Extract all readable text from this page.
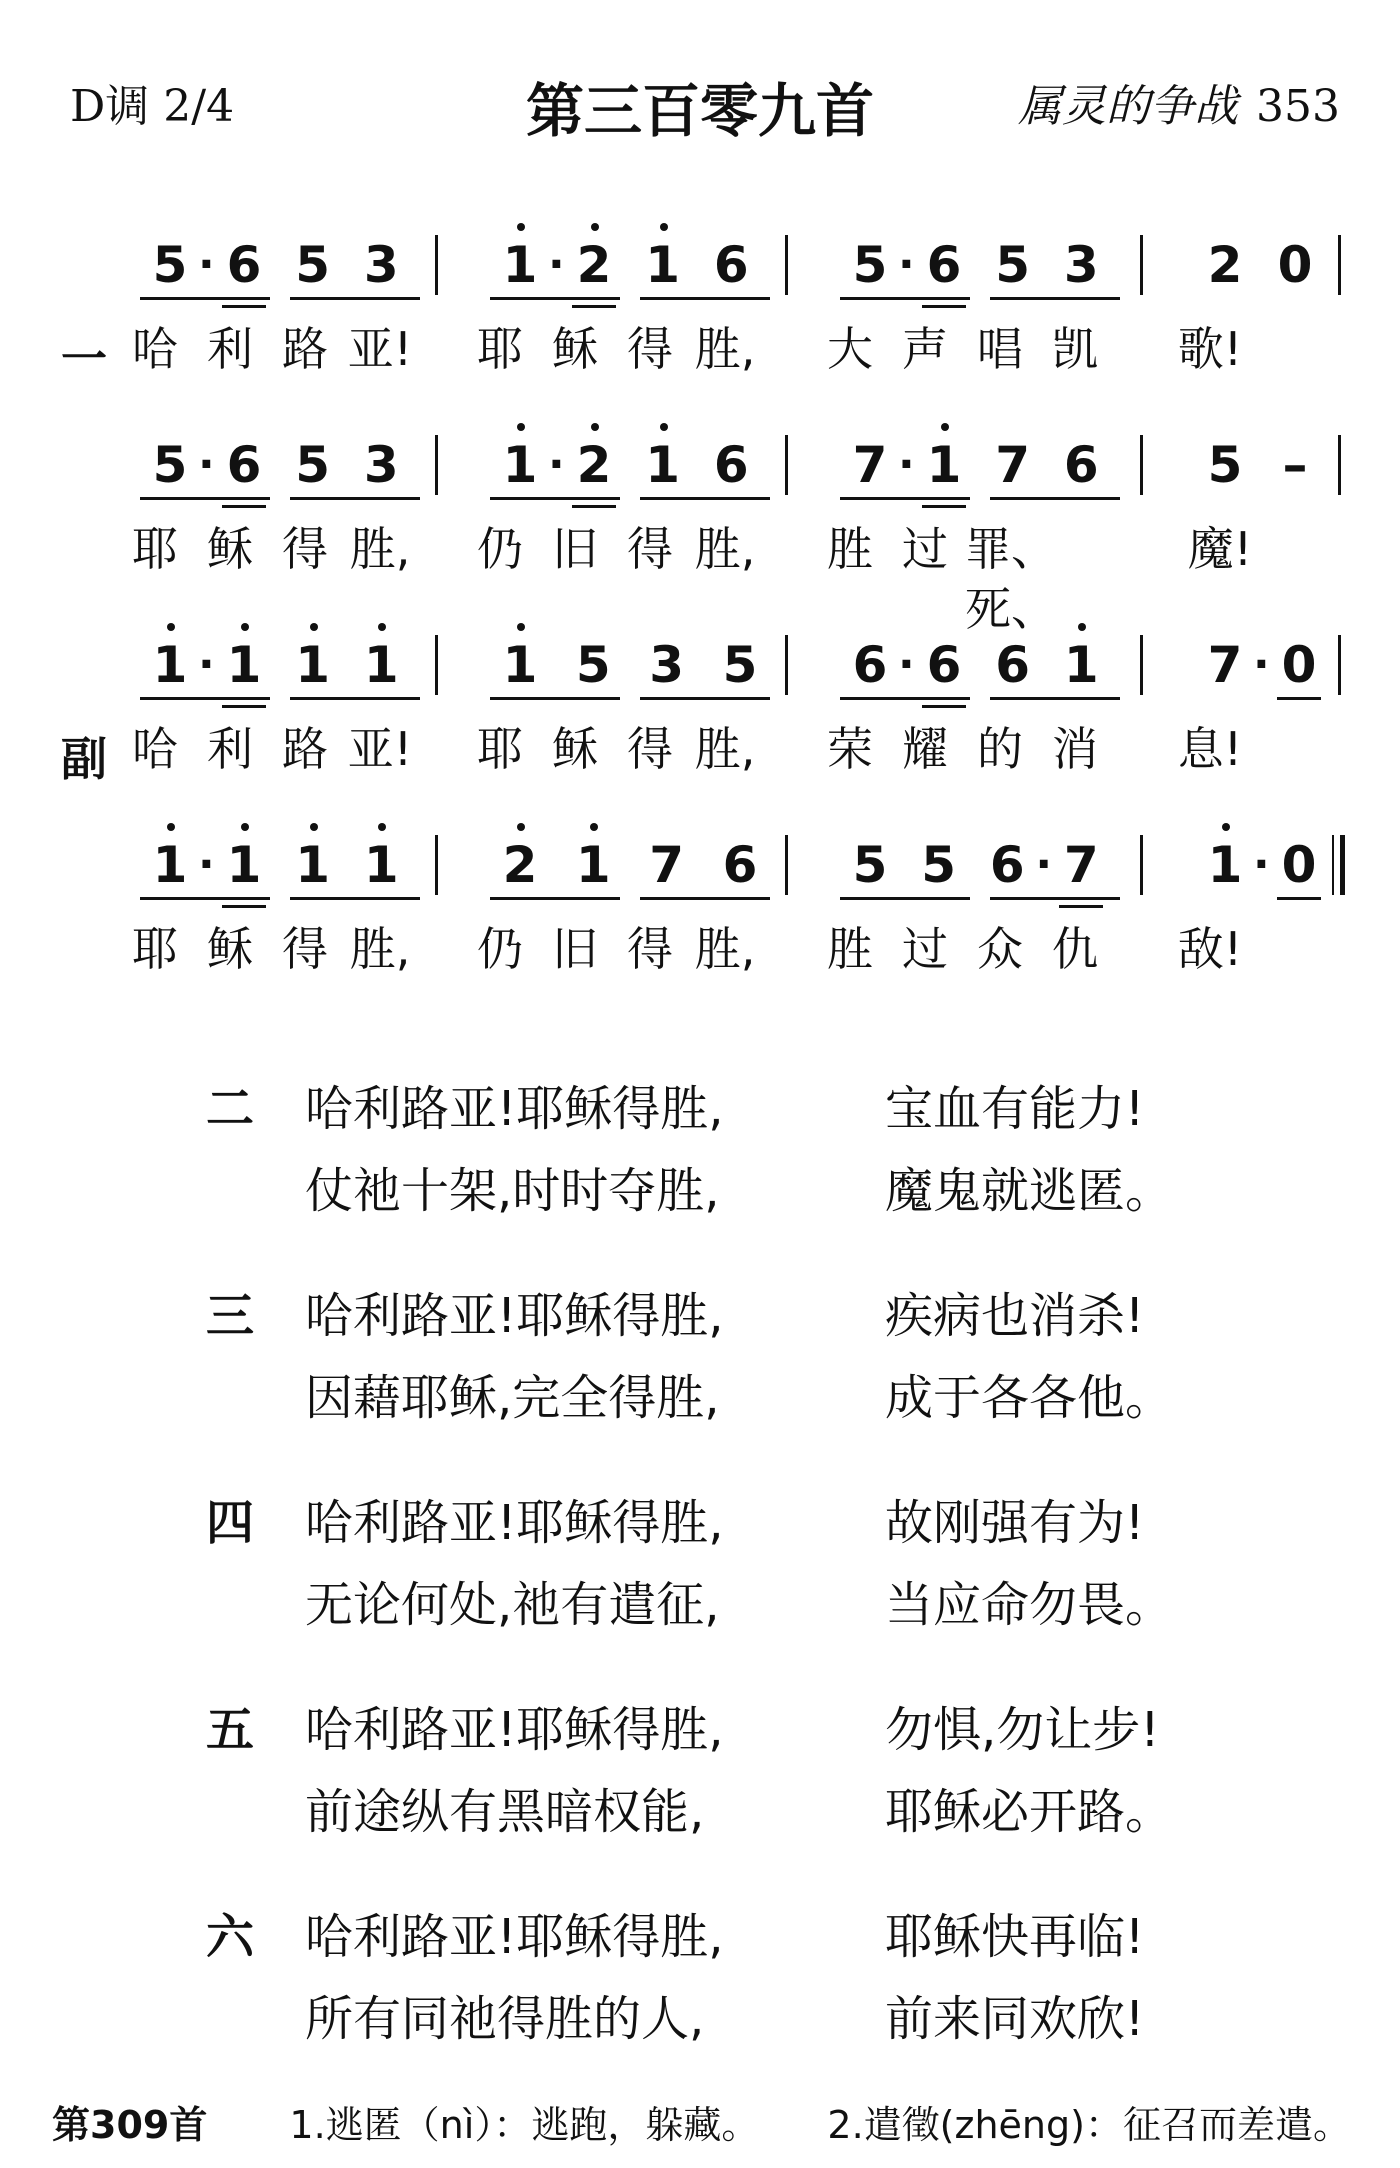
D调 2/4	第三百零九首	属灵的争战 353
5 · 6 5 3 1 · 2 1 6 5 · 6 5 3 2 0
一 哈 利 路 亚!	耶 稣 得 胜,	大 声 唱 凯	歌!
5 · 6 5 3 1 · 2 1 6 7 · 1 7 6 5 –
耶 稣 得 胜,	仍 旧 得 胜,	胜 过 罪、死、
魔!
1 · 1 1 1 1 5 3 5 6 · 6 6 1 7 · 0
副 哈 利 路 亚!	耶 稣 得 胜,	荣 耀 的 消	息!
1 · 1 1 1 2 1 7 6 5 5 6 · 7 1 · 0
耶 稣 得 胜,	仍 旧 得 胜,	胜 过 众 仇	敌!
二 哈利路亚!耶稣得胜,	宝血有能力!
仗祂十架,时时夺胜,	魔鬼就逃匿。
三 哈利路亚!耶稣得胜,	疾病也消杀!
因藉耶稣,完全得胜,	成于各各他。
四 哈利路亚!耶稣得胜,	故刚强有为!
无论何处,祂有遣征,	当应命勿畏。
五 哈利路亚!耶稣得胜,	勿惧,勿让步!
前途纵有黑暗权能,	耶稣必开路。
六 哈利路亚!耶稣得胜,	耶稣快再临!
所有同祂得胜的人,	前来同欢欣!
第309首 1.逃匿（nì）：逃跑，躲藏。 2.遣徵(zhēng)：征召而差遣。
